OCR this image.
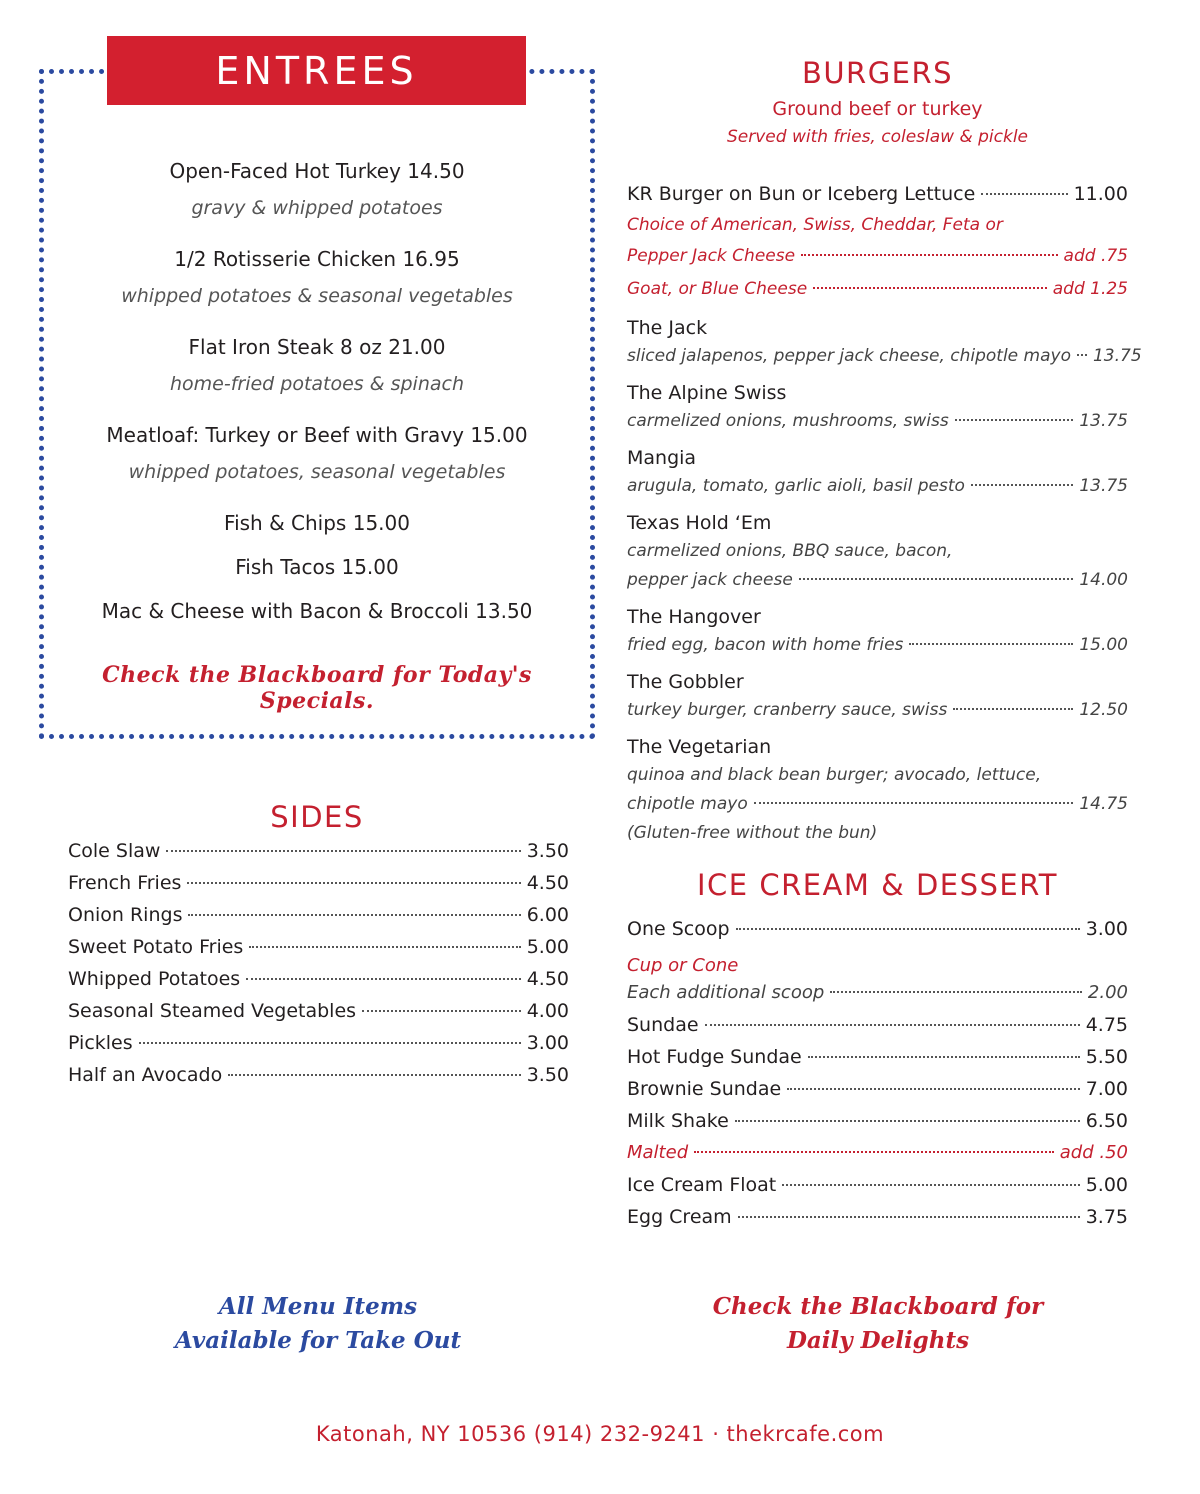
ENTREES
Open-Faced Hot Turkey 14.50
gravy & whipped potatoes
1/2 Rotisserie Chicken 16.95
whipped potatoes & seasonal vegetables
Flat Iron Steak 8 oz 21.00
home-fried potatoes & spinach
Meatloaf: Turkey or Beef with Gravy 15.00
whipped potatoes, seasonal vegetables
Fish & Chips 15.00
Fish Tacos 15.00
Mac & Cheese with Bacon & Broccoli 13.50
Check the Blackboard for Today's Specials.
SIDES
Cole Slaw	3.50
French Fries	4.50
Onion Rings	6.00
Sweet Potato Fries	5.00
Whipped Potatoes	4.50
Seasonal Steamed Vegetables	4.00
Pickles	3.00
Half an Avocado	3.50
BURGERS
Ground beef or turkey
Served with fries, coleslaw & pickle
KR Burger on Bun or Iceberg Lettuce	11.00
Choice of American, Swiss, Cheddar, Feta or
Pepper Jack Cheese	add .75
Goat, or Blue Cheese	add 1.25
The Jack
sliced jalapenos, pepper jack cheese, chipotle mayo 13.75
The Alpine Swiss
carmelized onions, mushrooms, swiss	13.75
Mangia
arugula, tomato, garlic aioli, basil pesto	13.75
Texas Hold ‘Em
carmelized onions, BBQ sauce, bacon,
pepper jack cheese	14.00
The Hangover
fried egg, bacon with home fries	15.00
The Gobbler
turkey burger, cranberry sauce, swiss	12.50
The Vegetarian
quinoa and black bean burger; avocado, lettuce,
chipotle mayo	14.75
(Gluten-free without the bun)
ICE CREAM & DESSERT
One Scoop	3.00
Cup or Cone
Each additional scoop	2.00
Sundae	4.75
Hot Fudge Sundae	5.50
Brownie Sundae	7.00
Milk Shake	6.50
Malted	add .50
Ice Cream Float	5.00
Egg Cream	3.75
All Menu Items
Available for Take Out
Check the Blackboard for
Daily Delights
Katonah, NY 10536 (914) 232-9241 · thekrcafe.com
